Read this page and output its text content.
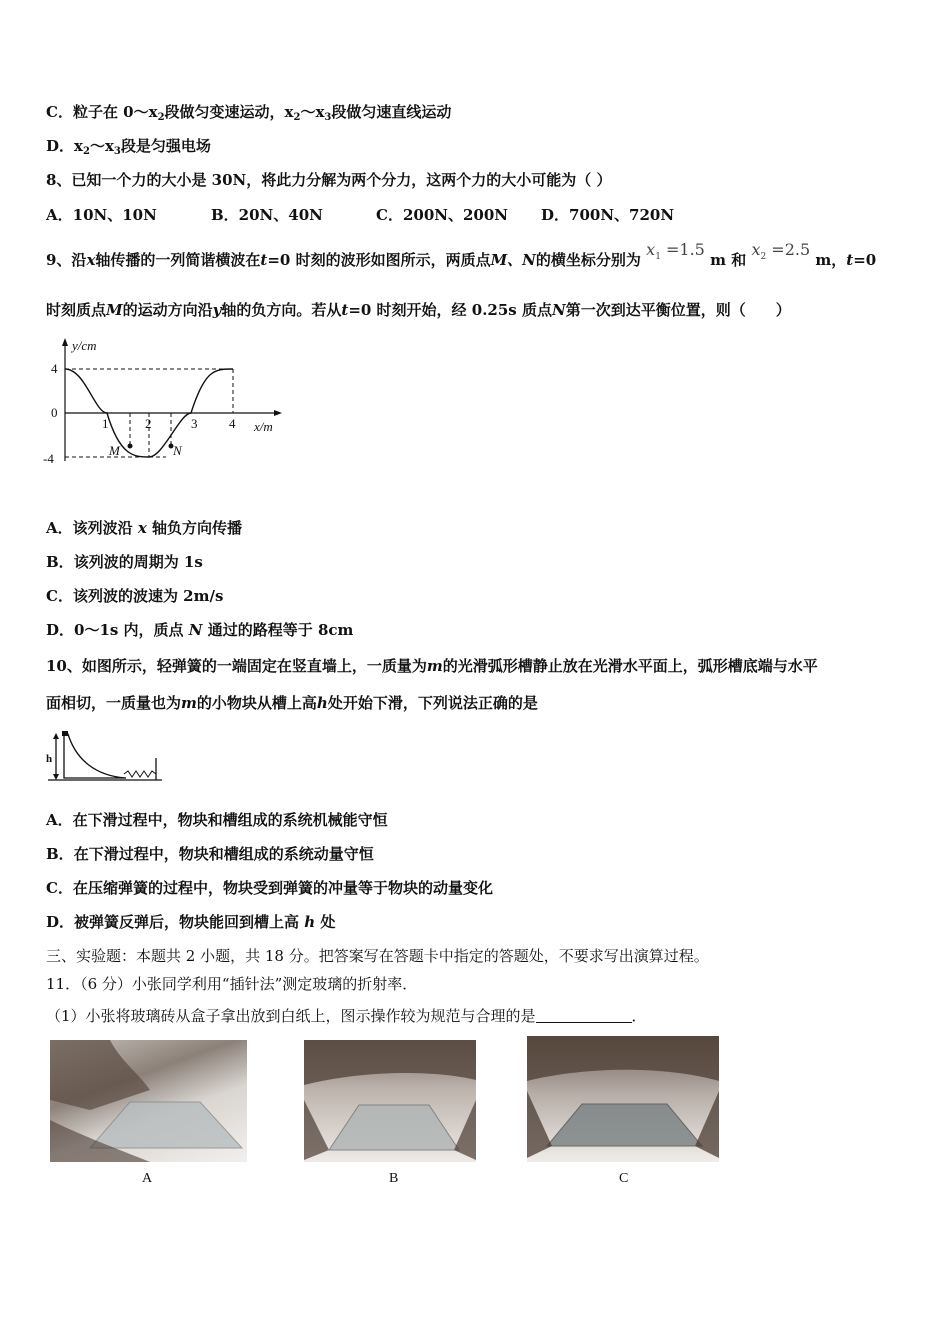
C．粒子在 $0\sim x_2$段做匀变速运动，$x_2\sim x_3$段做匀速直线运动
D．$x_2\sim x_3$段是匀强电场
8、已知一个力的大小是 30N，将此力分解为两个分力，这两个力的大小可能为（ ）
A．10N、10N	B．20N、40N	C．200N、200N D．700N、720N
9、沿x轴传播的一列简谐横波在t=0 时刻的波形如图所示，两质点M、N的横坐标分别为 $x_1 =1.5$ m 和 $x_2 =2.5$ m，t=0
时刻质点M的运动方向沿y轴的负方向。若从t=0 时刻开始，经 0.25s 质点N第一次到达平衡位置，则（　　）
y/cm
x/m
4
0
-4
1	2	3 4
M	N
A．该列波沿 x 轴负方向传播
B．该列波的周期为 1s
C．该列波的波速为 2m/s
D．0～1s 内，质点 N 通过的路程等于 8cm
10、如图所示，轻弹簧的一端固定在竖直墙上，一质量为m的光滑弧形槽静止放在光滑水平面上，弧形槽底端与水平
面相切，一质量也为m的小物块从槽上高h处开始下滑，下列说法正确的是
h
A．在下滑过程中，物块和槽组成的系统机械能守恒
B．在下滑过程中，物块和槽组成的系统动量守恒
C．在压缩弹簧的过程中，物块受到弹簧的冲量等于物块的动量变化
D．被弹簧反弹后，物块能回到槽上高 h 处
三、实验题：本题共 2 小题，共 18 分。把答案写在答题卡中指定的答题处，不要求写出演算过程。
11．（6 分）小张同学利用“插针法”测定玻璃的折射率．
（1）小张将玻璃砖从盒子拿出放到白纸上，图示操作较为规范与合理的是	．
A	B	C
